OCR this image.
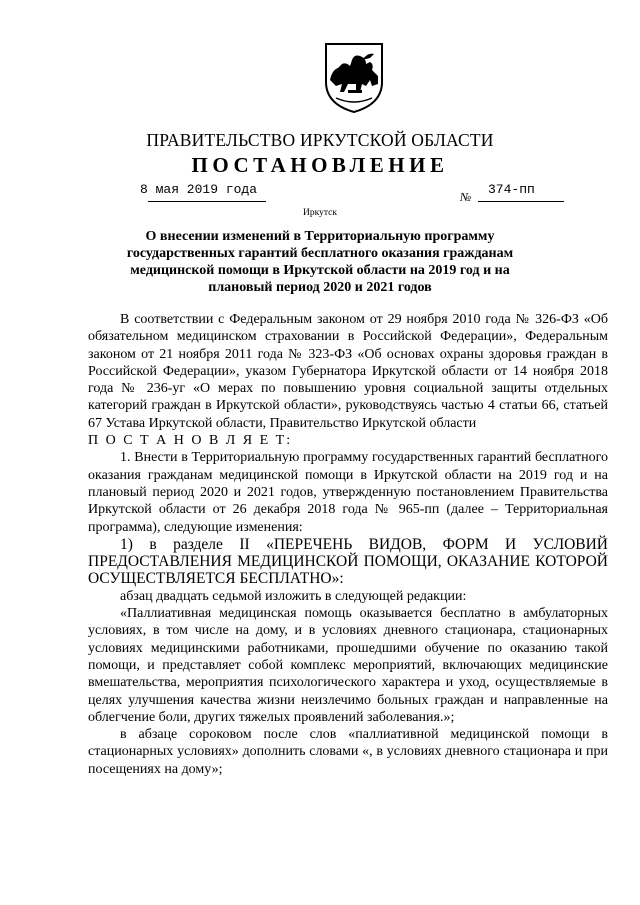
ПРАВИТЕЛЬСТВО ИРКУТСКОЙ ОБЛАСТИ
ПОСТАНОВЛЕНИЕ
8 мая 2019 года	№ 374-пп
Иркутск
О внесении изменений в Территориальную программу государственных гарантий бесплатного оказания гражданам медицинской помощи в Иркутской области на 2019 год и на плановый период 2020 и 2021 годов

В соответствии с Федеральным законом от 29 ноября 2010 года № 326-ФЗ «Об обязательном медицинском страховании в Российской Федерации», Федеральным законом от 21 ноября 2011 года № 323-ФЗ «Об основах охраны здоровья граждан в Российской Федерации», указом Губернатора Иркутской области от 14 ноября 2018 года № 236-уг «О мерах по повышению уровня социальной защиты отдельных категорий граждан в Иркутской области», руководствуясь частью 4 статьи 66, статьей 67 Устава Иркутской области, Правительство Иркутской области

П О С Т А Н О В Л Я Е Т:

1. Внести в Территориальную программу государственных гарантий бесплатного оказания гражданам медицинской помощи в Иркутской области на 2019 год и на плановый период 2020 и 2021 годов, утвержденную постановлением Правительства Иркутской области от 26 декабря 2018 года № 965-пп (далее – Территориальная программа), следующие изменения:

1) в разделе II «ПЕРЕЧЕНЬ ВИДОВ, ФОРМ И УСЛОВИЙ ПРЕДОСТАВЛЕНИЯ МЕДИЦИНСКОЙ ПОМОЩИ, ОКАЗАНИЕ КОТОРОЙ ОСУЩЕСТВЛЯЕТСЯ БЕСПЛАТНО»:

абзац двадцать седьмой изложить в следующей редакции:

«Паллиативная медицинская помощь оказывается бесплатно в амбулаторных условиях, в том числе на дому, и в условиях дневного стационара, стационарных условиях медицинскими работниками, прошедшими обучение по оказанию такой помощи, и представляет собой комплекс мероприятий, включающих медицинские вмешательства, мероприятия психологического характера и уход, осуществляемые в целях улучшения качества жизни неизлечимо больных граждан и направленные на облегчение боли, других тяжелых проявлений заболевания.»;

в абзаце сороковом после слов «паллиативной медицинской помощи в стационарных условиях» дополнить словами «, в условиях дневного стационара и при посещениях на дому»;
